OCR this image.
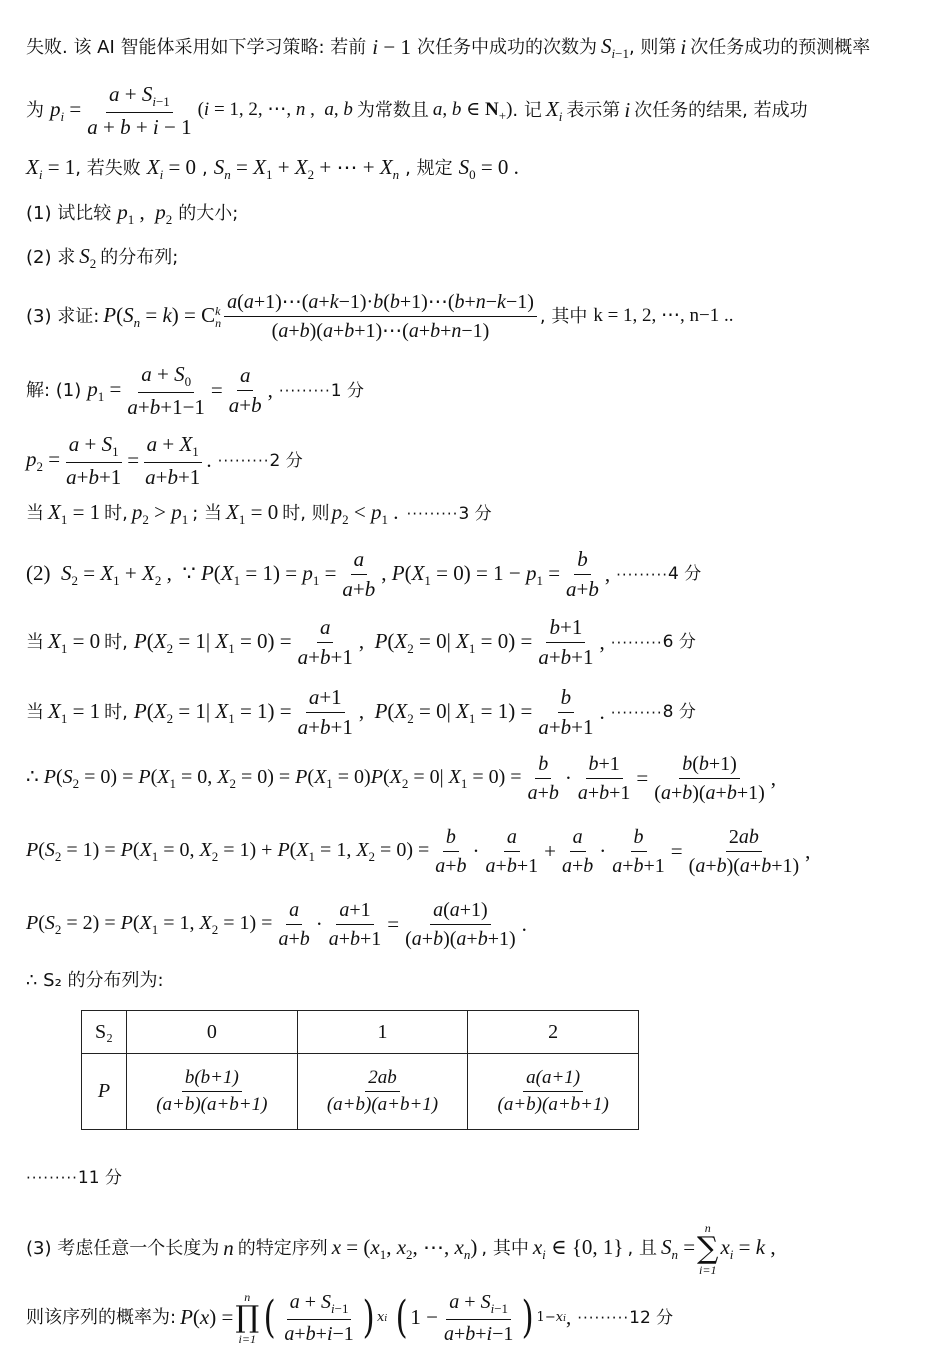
失败. 该 AI 智能体采用如下学习策略: 若前 i − 1 次任务中成功的次数为 $S_{i-1}$ , 则第 i 次任务成功的预测概率
为 $p_i = \frac{a + S_{i-1}}{a + b + i - 1} (i = 1$, 2, ⋯, n ,  a, b 为常数且 a, b ∈ $N_+$) . 记 $X_i$ 表示第 i 次任务的结果, 若成功
$X_i = 1$ , 若失败 $X_i = 0$ , $S_n = X_1 + X_2$ + ⋯ + $X_n$ , 规定 $S_0 = 0$ .
(1) 试比较 $p_1$ ,  $p_2$ 的大小;
(2) 求 $S_2$ 的分布列;
(3) 求证: $P(S_n = k) = C$ k
n $\frac{a(a+1)\cdots(a+k-1)\cdot b(b+1)\cdots(b+n-k-1)}{(a+b)(a+b+1)\cdots(a+b+n-1)}$ , 其中 k = 1, 2, ⋯, n−1 ..
解: (1) $p_1 = \frac{a + S_0}{a+b+1-1} = \frac{a}{a+b}$ , ········· 1 分
$p_2 = \frac{a + S_1}{a+b+1} = \frac{a + X_1}{a+b+1}$ . ········· 2 分
当 $X_1 = 1$ 时, $p_2 > p_1$ ; 当 $X_1 = 0$ 时, 则 $p_2 < p_1$ . ········· 3 分
(2)  $S_2 = X_1 + X_2$ ,  ∵ $P(X_1 = 1) = p_1 = \frac{a}{a+b}$ , $P(X_1 = 0) = 1 - p_1 = \frac{b}{a+b}$ , ········· 4 分
当 $X_1 = 0$ 时, $P(X_2 = 1|$ $X_1 = 0) = \frac{a}{a+b+1}$ ,  $P(X_2 = 0|$ $X_1 = 0) = \frac{b+1}{a+b+1}$ , ········· 6 分
当 $X_1 = 1$ 时, $P(X_2 = 1|$ $X_1 = 1) = \frac{a+1}{a+b+1}$ ,  $P(X_2 = 0|$ $X_1 = 1) = \frac{b}{a+b+1}$ . ········· 8 分
∴ $P(S_2 = 0) = P(X_1 = 0$, $X_2 = 0) = P(X_1 = 0)P(X_2 = 0|$ $X_1 = 0) = \frac{b}{a+b} \cdot \frac{b+1}{a+b+1} = \frac{b(b+1)}{(a+b)(a+b+1)}$ ,
$P(S_2 = 1) = P(X_1 = 0$, $X_2 = 1) + P(X_1 = 1$, $X_2 = 0) = \frac{b}{a+b} \cdot \frac{a}{a+b+1} + \frac{a}{a+b} \cdot \frac{b}{a+b+1} = \frac{2ab}{(a+b)(a+b+1)}$ ,
$P(S_2 = 2) = P(X_1 = 1$, $X_2 = 1) = \frac{a}{a+b} \cdot \frac{a+1}{a+b+1} = \frac{a(a+1)}{(a+b)(a+b+1)}$ .
∴ S₂ 的分布列为:
S₂	0	1	2
P	$\frac{b(b+1)}{(a+b)(a+b+1)}$	$\frac{2ab}{(a+b)(a+b+1)}$	$\frac{a(a+1)}{(a+b)(a+b+1)}$
········· 11 分
(3) 考虑任意一个长度为 n 的特定序列 $x = (x_1$, $x_2$, ⋯, $x_n$) , 其中 $x_i$ ∈ {0, 1} , 且 $S_n$ =
n
∑
i=1
$x_i = k$ ,
则该序列的概率为: P(x) =
n
∏
i=1 ( $\frac{a + S_{i-1}}{a+b+i-1}$ ) xi ( $1 - \frac{a + S_{i-1}}{a+b+i-1}$ ) 1−xi , ········· 12 分
